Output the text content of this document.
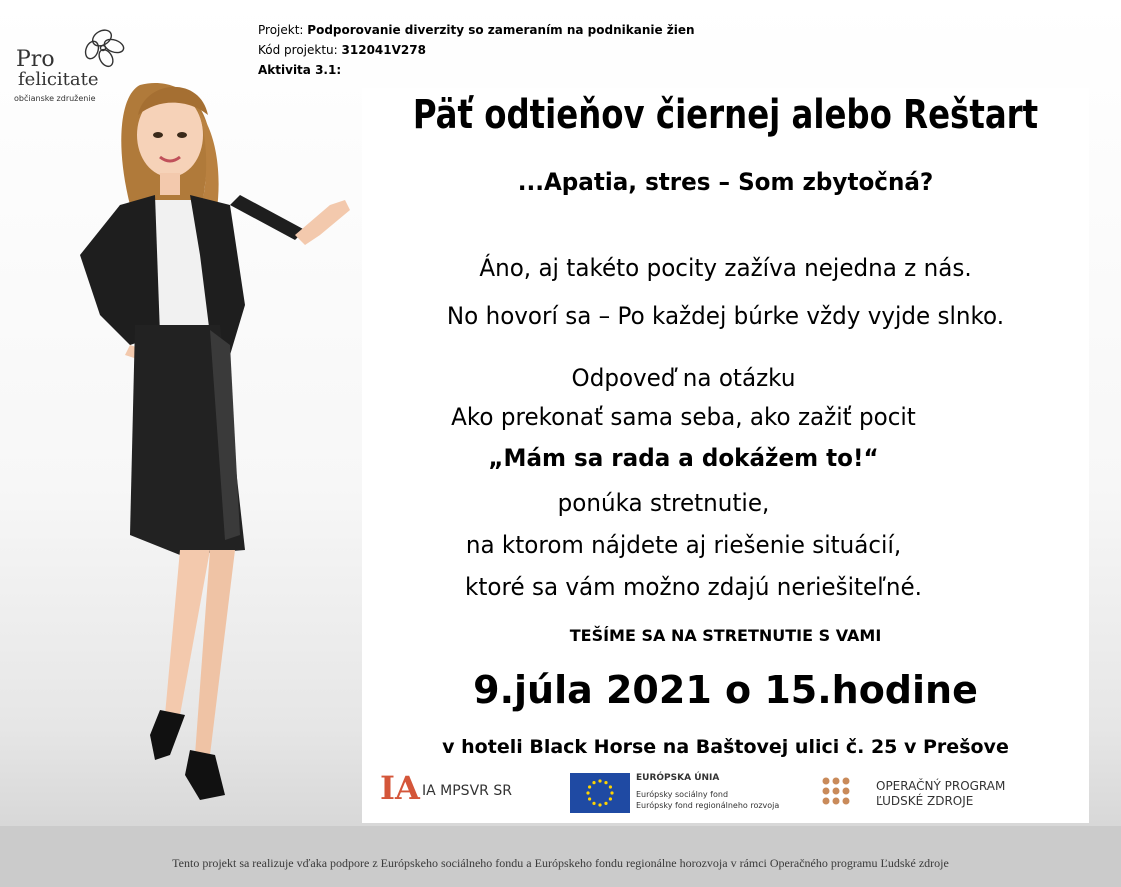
Pro
felicitate
občianske združenie
Projekt: Podporovanie diverzity so zameraním na podnikanie žien
Kód projektu: 312041V278
Aktivita 3.1:
Päť odtieňov čiernej alebo Reštart
...Apatia, stres – Som zbytočná?
Áno, aj takéto pocity zažíva nejedna z nás.
No hovorí sa – Po každej búrke vždy vyjde slnko.
Odpoveď na otázku
Ako prekonať sama seba, ako zažiť pocit
„Mám sa rada a dokážem to!“
ponúka stretnutie,
na ktorom nájdete aj riešenie situácií,
ktoré sa vám možno zdajú neriešiteľné.
TEŠÍME SA NA STRETNUTIE S VAMI
9.júla 2021 o 15.hodine
v hoteli Black Horse na Baštovej ulici č. 25 v Prešove
IA IA MPSVR SR
EURÓPSKA ÚNIA
Európsky sociálny fond
Európsky fond regionálneho rozvoja
OPERAČNÝ PROGRAM
ĽUDSKÉ ZDROJE
Tento projekt sa realizuje vďaka podpore z Európskeho sociálneho fondu a Európskeho fondu regionálne horozvoja v rámci Operačného programu Ľudské zdroje
